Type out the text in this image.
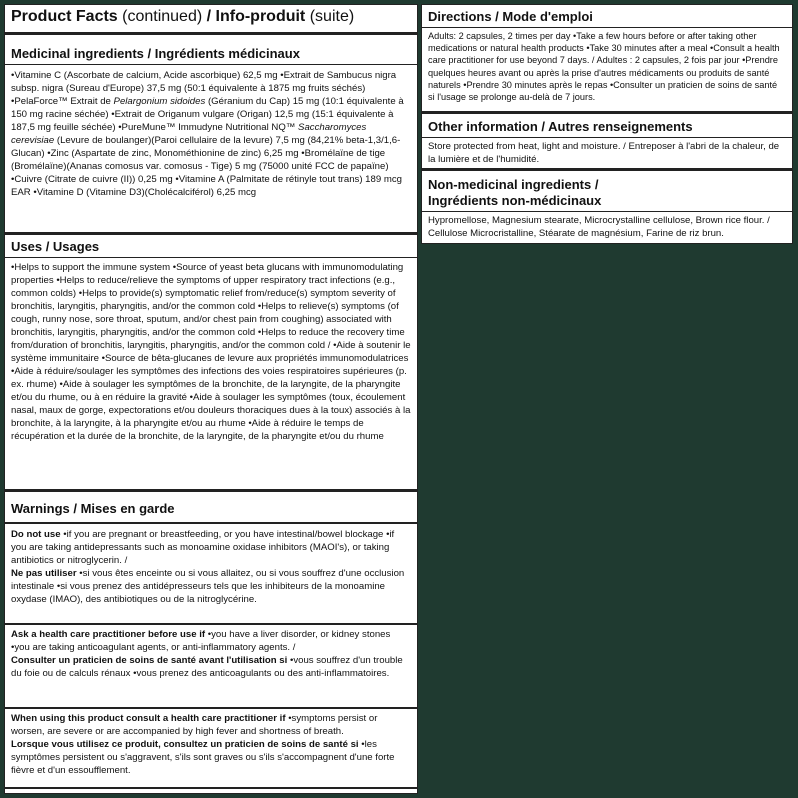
Product Facts (continued) / Info-produit (suite)

Medicinal ingredients / Ingrédients médicinaux

•Vitamine C (Ascorbate de calcium, Acide ascorbique) 62,5 mg •Extrait de Sambucus nigra subsp. nigra (Sureau d'Europe) 37,5 mg (50:1 équivalente à 1875 mg fruits séchés) •PelaForce™ Extrait de Pelargonium sidoides (Géranium du Cap) 15 mg (10:1 équivalente à 150 mg racine séchée) •Extrait de Origanum vulgare (Origan) 12,5 mg (15:1 équivalente à 187,5 mg feuille séchée) •PureMune™ Immudyne Nutritional NQ™ Saccharomyces cerevisiae (Levure de boulanger)(Paroi cellulaire de la levure) 7,5 mg (84,21% beta-1,3/1,6-Glucan) •Zinc (Aspartate de zinc, Monométhionine de zinc) 6,25 mg •Bromélaïne de tige (Bromélaïne)(Ananas comosus var. comosus - Tige) 5 mg (75000 unité FCC de papaïne) •Cuivre (Citrate de cuivre (II)) 0,25 mg •Vitamine A (Palmitate de rétinyle tout trans) 189 mcg EAR •Vitamine D (Vitamine D3)(Cholécalciférol) 6,25 mcg

Uses / Usages

•Helps to support the immune system •Source of yeast beta glucans with immunomodulating properties •Helps to reduce/relieve the symptoms of upper respiratory tract infections (e.g., common colds) •Helps to provide(s) symptomatic relief from/reduce(s) symptom severity of bronchitis, laryngitis, pharyngitis, and/or the common cold •Helps to relieve(s) symptoms (of cough, runny nose, sore throat, sputum, and/or chest pain from coughing) associated with bronchitis, laryngitis, pharyngitis, and/or the common cold •Helps to reduce the recovery time from/duration of bronchitis, laryngitis, pharyngitis, and/or the common cold / •Aide à soutenir le système immunitaire •Source de bêta-glucanes de levure aux propriétés immunomodulatrices •Aide à réduire/soulager les symptômes des infections des voies respiratoires supérieures (p. ex. rhume) •Aide à soulager les symptômes de la bronchite, de la laryngite, de la pharyngite et/ou du rhume, ou à en réduire la gravité •Aide à soulager les symptômes (toux, écoulement nasal, maux de gorge, expectorations et/ou douleurs thoraciques dues à la toux) associés à la bronchite, à la laryngite, à la pharyngite et/ou au rhume •Aide à réduire le temps de récupération et la durée de la bronchite, de la laryngite, de la pharyngite et/ou du rhume

Warnings / Mises en garde

Do not use •if you are pregnant or breastfeeding, or you have intestinal/bowel blockage •if you are taking antidepressants such as monoamine oxidase inhibitors (MAOI's), or taking antibiotics or nitroglycerin. /

Ne pas utiliser •si vous êtes enceinte ou si vous allaitez, ou si vous souffrez d'une occlusion intestinale •si vous prenez des antidépresseurs tels que les inhibiteurs de la monoamine oxydase (IMAO), des antibiotiques ou de la nitroglycérine.

Ask a health care practitioner before use if •you have a liver disorder, or kidney stones •you are taking anticoagulant agents, or anti-inflammatory agents. /

Consulter un praticien de soins de santé avant l'utilisation si •vous souffrez d'un trouble du foie ou de calculs rénaux •vous prenez des anticoagulants ou des anti-inflammatoires.

When using this product consult a health care practitioner if •symptoms persist or worsen, are severe or are accompanied by high fever and shortness of breath.

Lorsque vous utilisez ce produit, consultez un praticien de soins de santé si •les symptômes persistent ou s'aggravent, s'ils sont graves ou s'ils s'accompagnent d'une forte fièvre et d'un essoufflement.

Directions / Mode d'emploi

Adults: 2 capsules, 2 times per day •Take a few hours before or after taking other medications or natural health products •Take 30 minutes after a meal •Consult a health care practitioner for use beyond 7 days. / Adultes : 2 capsules, 2 fois par jour •Prendre quelques heures avant ou après la prise d'autres médicaments ou produits de santé naturels •Prendre 30 minutes après le repas •Consulter un praticien de soins de santé si l'usage se prolonge au-delà de 7 jours.

Other information / Autres renseignements

Store protected from heat, light and moisture. / Entreposer à l'abri de la chaleur, de la lumière et de l'humidité.

Non-medicinal ingredients /
Ingrédients non-médicinaux

Hypromellose, Magnesium stearate, Microcrystalline cellulose, Brown rice flour. / Cellulose Microcristalline, Stéarate de magnésium, Farine de riz brun.
